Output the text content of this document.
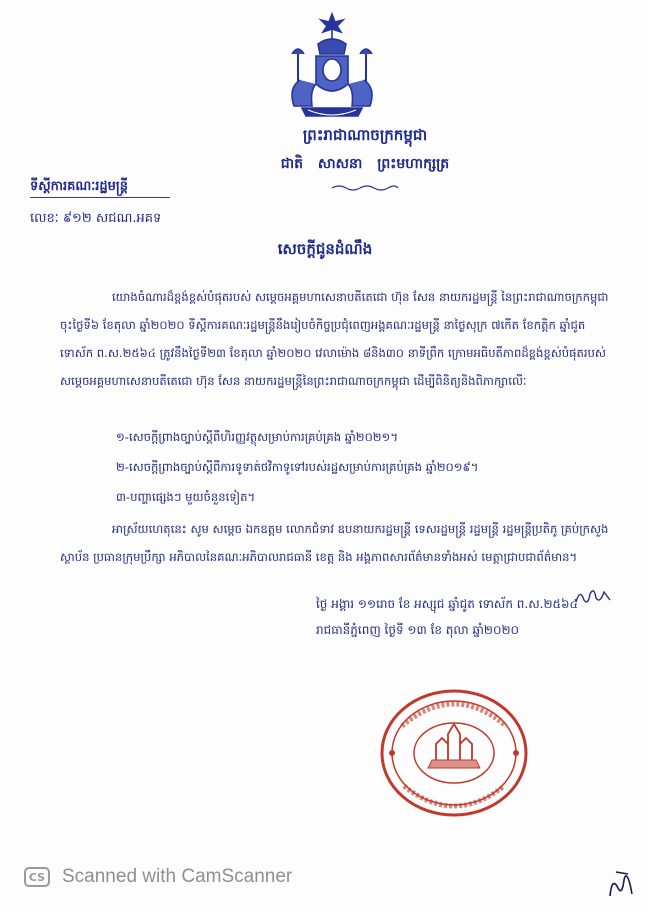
ព្រះរាជាណាចក្រកម្ពុជា
ជាតិ សាសនា ព្រះមហាក្សត្រ
ទីស្តីការគណៈរដ្ឋមន្ត្រី
លេខៈ ៩១២ សជណ.អគទ
សេចក្តីជូនដំណឹង

យោងចំណារដ៏ខ្ពង់ខ្ពស់បំផុតរបស់ សម្តេចអគ្គមហាសេនាបតីតេជោ ហ៊ុន សែន នាយករដ្ឋមន្ត្រី នៃព្រះរាជាណាចក្រកម្ពុជា ចុះថ្ងៃទី៦ ខែតុលា ឆ្នាំ២០២០ ទីស្តីការគណៈរដ្ឋមន្ត្រីនឹងរៀបចំកិច្ចប្រជុំពេញអង្គគណៈរដ្ឋមន្ត្រី នាថ្ងៃសុក្រ ៧កើត ខែកត្តិក ឆ្នាំជូត ទោស័ក ព.ស.២៥៦៤ ត្រូវនឹងថ្ងៃទី២៣ ខែតុលា ឆ្នាំ២០២០ វេលាម៉ោង ៨និង៣០ នាទីព្រឹក ក្រោមអធិបតីភាពដ៏ខ្ពង់ខ្ពស់បំផុតរបស់ សម្តេចអគ្គមហាសេនាបតីតេជោ ហ៊ុន សែន នាយករដ្ឋមន្ត្រីនៃព្រះរាជាណាចក្រកម្ពុជា ដើម្បីពិនិត្យនិងពិភាក្សាលើៈ

១-សេចក្តីព្រាងច្បាប់ស្តីពីហិរញ្ញវត្ថុសម្រាប់ការគ្រប់គ្រង ឆ្នាំ២០២១។
២-សេចក្តីព្រាងច្បាប់ស្តីពីការទូទាត់ថវិកាទូទៅរបស់រដ្ឋសម្រាប់ការគ្រប់គ្រង ឆ្នាំ២០១៩។
៣-បញ្ហាផ្សេងៗ មួយចំនួនទៀត។

អាស្រ័យហេតុនេះ សូម សម្តេច ឯកឧត្តម លោកជំទាវ ឧបនាយករដ្ឋមន្ត្រី ទេសរដ្ឋមន្ត្រី រដ្ឋមន្ត្រី រដ្ឋមន្ត្រីប្រតិភូ គ្រប់ក្រសួង ស្ថាប័ន ប្រធានក្រុមប្រឹក្សា អភិបាលនៃគណៈអភិបាលរាជធានី ខេត្ត និង អង្គភាពសារព័ត៌មានទាំងអស់ មេត្តាជ្រាបជាព័ត៌មាន។

ថ្ងៃ អង្គារ ១១រោច ខែ អស្សុជ ឆ្នាំជូត ទោស័ក ព.ស.២៥៦៤
រាជធានីភ្នំពេញ ថ្ងៃទី ១៣ ខែ តុលា ឆ្នាំ២០២០
CS Scanned with CamScanner
